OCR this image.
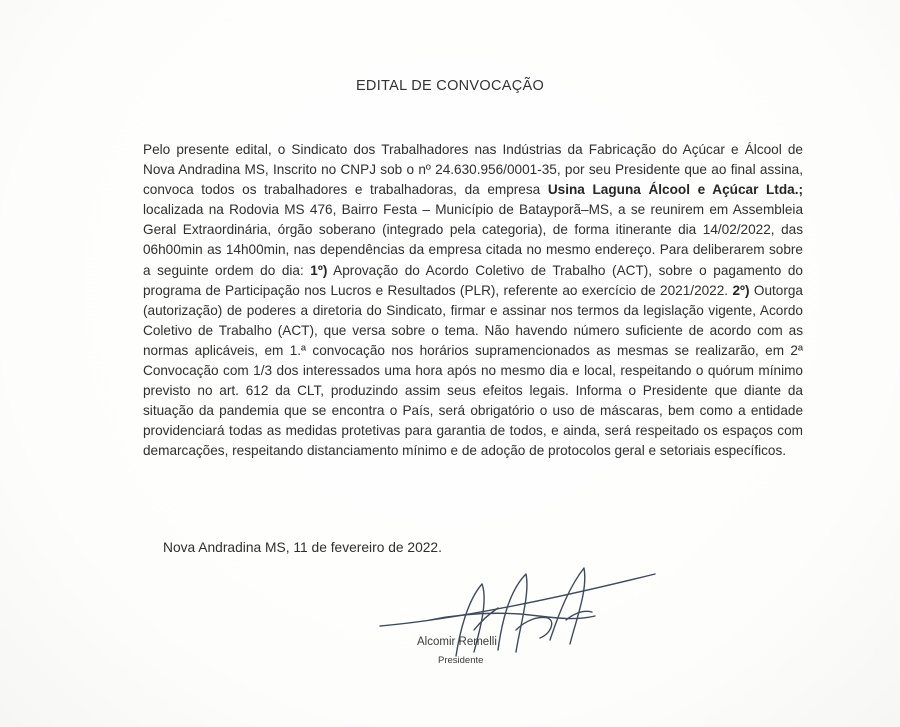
EDITAL DE CONVOCAÇÃO
Pelo presente edital, o Sindicato dos Trabalhadores nas Indústrias da Fabricação do Açúcar e Álcool de Nova Andradina MS, Inscrito no CNPJ sob o nº 24.630.956/0001-35, por seu Presidente que ao final assina, convoca todos os trabalhadores e trabalhadoras, da empresa Usina Laguna Álcool e Açúcar Ltda.; localizada na Rodovia MS 476, Bairro Festa – Município de Batayporã–MS, a se reunirem em Assembleia Geral Extraordinária, órgão soberano (integrado pela categoria), de forma itinerante dia 14/02/2022, das 06h00min as 14h00min, nas dependências da empresa citada no mesmo endereço. Para deliberarem sobre a seguinte ordem do dia: 1º) Aprovação do Acordo Coletivo de Trabalho (ACT), sobre o pagamento do programa de Participação nos Lucros e Resultados (PLR), referente ao exercício de 2021/2022. 2º) Outorga (autorização) de poderes a diretoria do Sindicato, firmar e assinar nos termos da legislação vigente, Acordo Coletivo de Trabalho (ACT), que versa sobre o tema. Não havendo número suficiente de acordo com as normas aplicáveis, em 1.ª convocação nos horários supramencionados as mesmas se realizarão, em 2ª Convocação com 1/3 dos interessados uma hora após no mesmo dia e local, respeitando o quórum mínimo previsto no art. 612 da CLT, produzindo assim seus efeitos legais. Informa o Presidente que diante da situação da pandemia que se encontra o País, será obrigatório o uso de máscaras, bem como a entidade providenciará todas as medidas protetivas para garantia de todos, e ainda, será respeitado os espaços com demarcações, respeitando distanciamento mínimo e de adoção de protocolos geral e setoriais específicos.
Nova Andradina MS, 11 de fevereiro de 2022.
Alcomir Remelli
Presidente
